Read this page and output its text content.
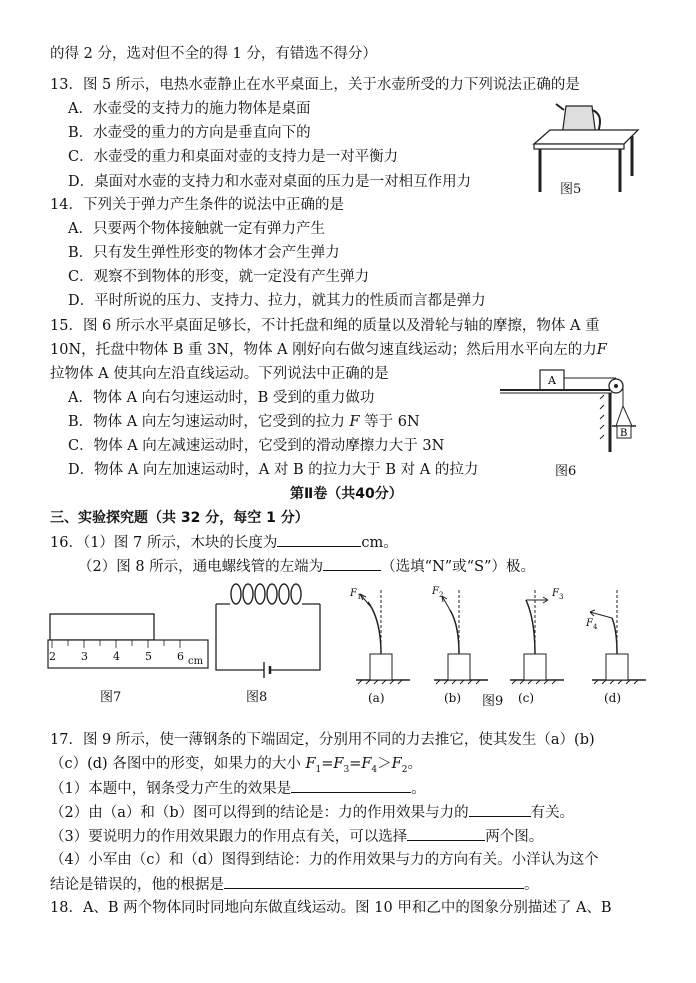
的得 2 分，选对但不全的得 1 分，有错选不得分）
13．图 5 所示，电热水壶静止在水平桌面上，关于水壶所受的力下列说法正确的是
A．水壶受的支持力的施力物体是桌面
B．水壶受的重力的方向是垂直向下的
C．水壶受的重力和桌面对壶的支持力是一对平衡力
D．桌面对水壶的支持力和水壶对桌面的压力是一对相互作用力
14．下列关于弹力产生条件的说法中正确的是
A．只要两个物体接触就一定有弹力产生
B．只有发生弹性形变的物体才会产生弹力
C．观察不到物体的形变，就一定没有产生弹力
D．平时所说的压力、支持力、拉力，就其力的性质而言都是弹力
15．图 6 所示水平桌面足够长，不计托盘和绳的质量以及滑轮与轴的摩擦，物体 A 重
10N，托盘中物体 B 重 3N，物体 A 刚好向右做匀速直线运动；然后用水平向左的力F
拉物体 A 使其向左沿直线运动。下列说法中正确的是
A．物体 A 向右匀速运动时，B 受到的重力做功
B．物体 A 向左匀速运动时，它受到的拉力 F 等于 6N
C．物体 A 向左减速运动时，它受到的滑动摩擦力大于 3N
D．物体 A 向左加速运动时，A 对 B 的拉力大于 B 对 A 的拉力
第Ⅱ卷（共40分）
三、实验探究题（共 32 分，每空 1 分）
16．（1）图 7 所示，木块的长度为	cm。
（2）图 8 所示，通电螺线管的左端为	（选填“N”或“S”）极。
17．图 9 所示，使一薄钢条的下端固定，分别用不同的力去推它，使其发生（a）(b)
（c）(d) 各图中的形变，如果力的大小 $F_1=F_3=F_4>F_2$。
（1）本题中，钢条受力产生的效果是	。
（2）由（a）和（b）图可以得到的结论是：力的作用效果与力的	有关。
（3）要说明力的作用效果跟力的作用点有关，可以选择	两个图。
（4）小军由（c）和（d）图得到结论：力的作用效果与力的方向有关。小洋认为这个
结论是错误的，他的根据是	。
18．A、B 两个物体同时同地向东做直线运动。图 10 甲和乙中的图象分别描述了 A、B
图5
A
B
图6
2 3 4 5 6 cm
图7	图8
F 1	F 2	F 3
F 4
(a)	(b)	(c)	(d)
图9
